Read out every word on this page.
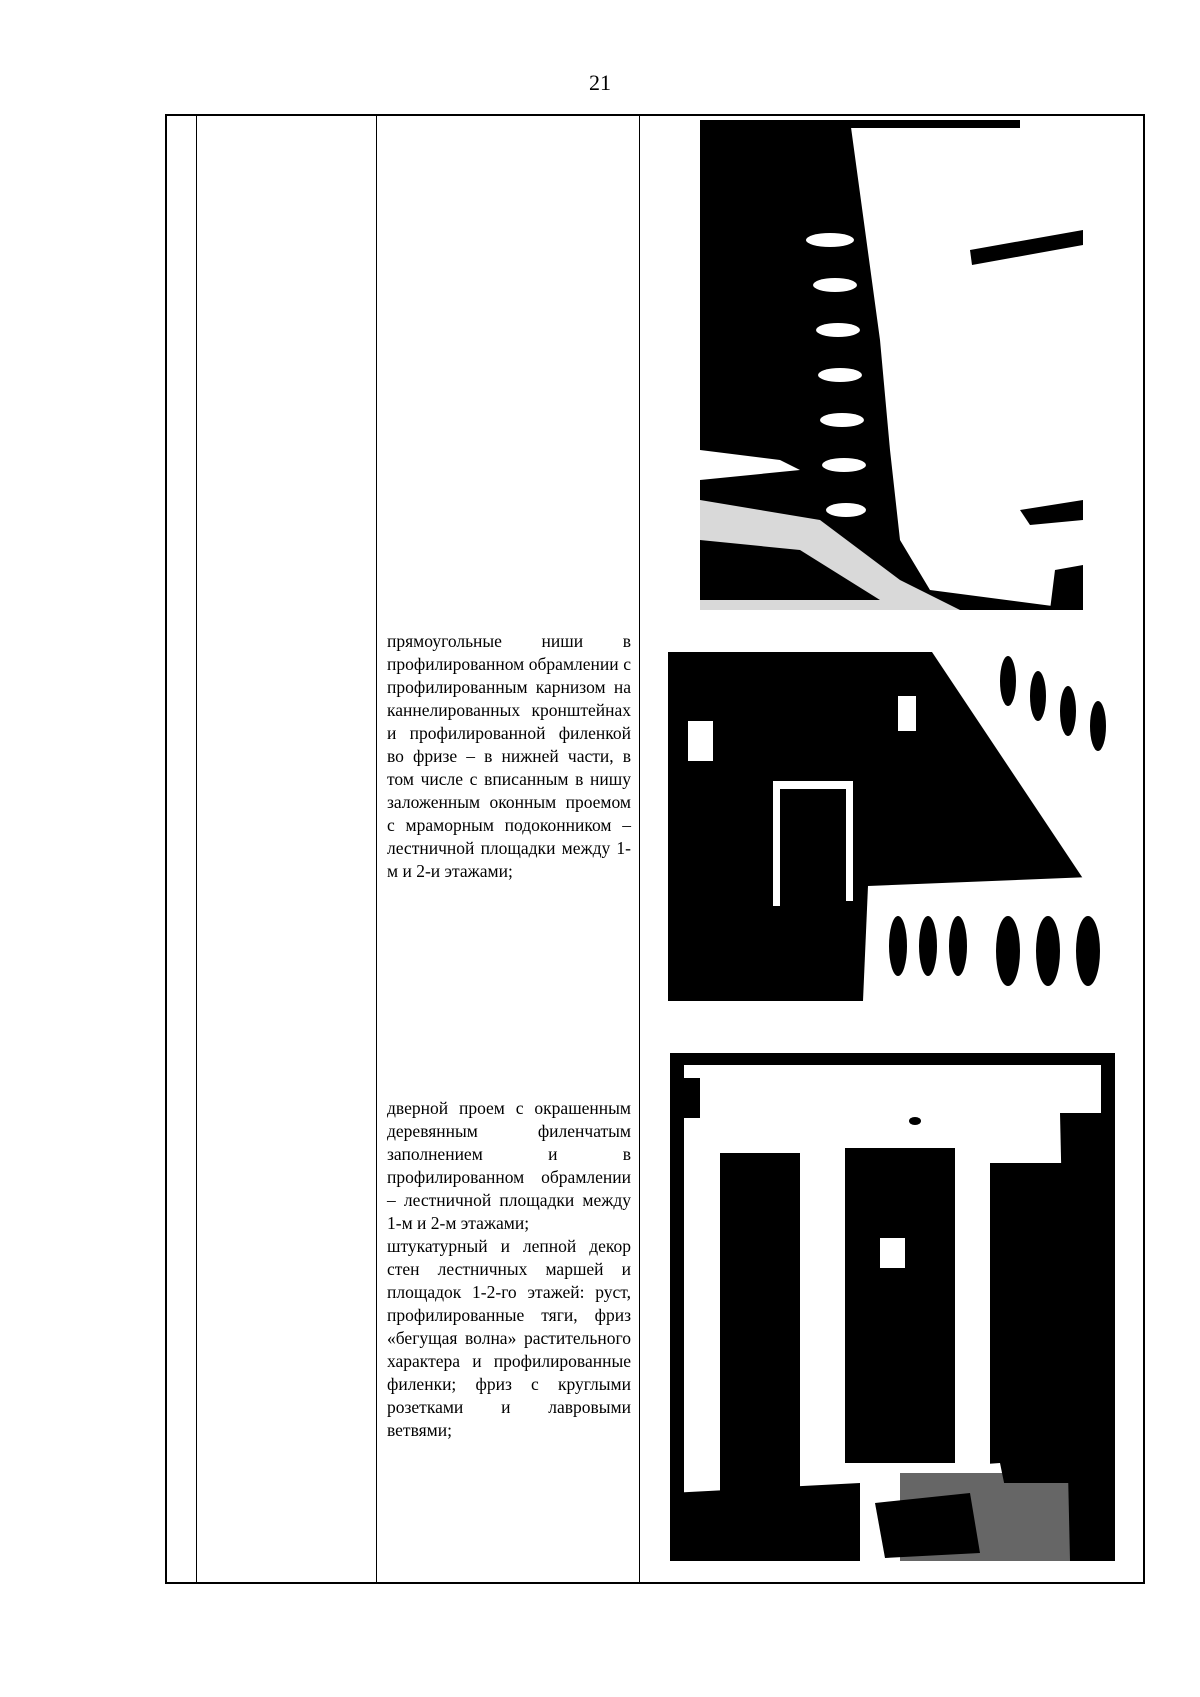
21

прямоугольные ниши в профилированном обрамлении с профилированным карнизом на каннелированных кронштейнах и профилированной филенкой во фризе – в нижней части, в том числе с вписанным в нишу заложенным оконным проемом с мраморным подоконником – лестничной площадки между 1-м и 2-и этажами;

дверной проем с окрашенным деревянным филенчатым заполнением и в профилированном обрамлении – лестничной площадки между 1-м и 2-м этажами;

штукатурный и лепной декор стен лестничных маршей и площадок 1-2-го этажей: руст, профилированные тяги, фриз «бегущая волна» растительного характера и профилированные филенки; фриз с круглыми розетками и лавровыми ветвями;
